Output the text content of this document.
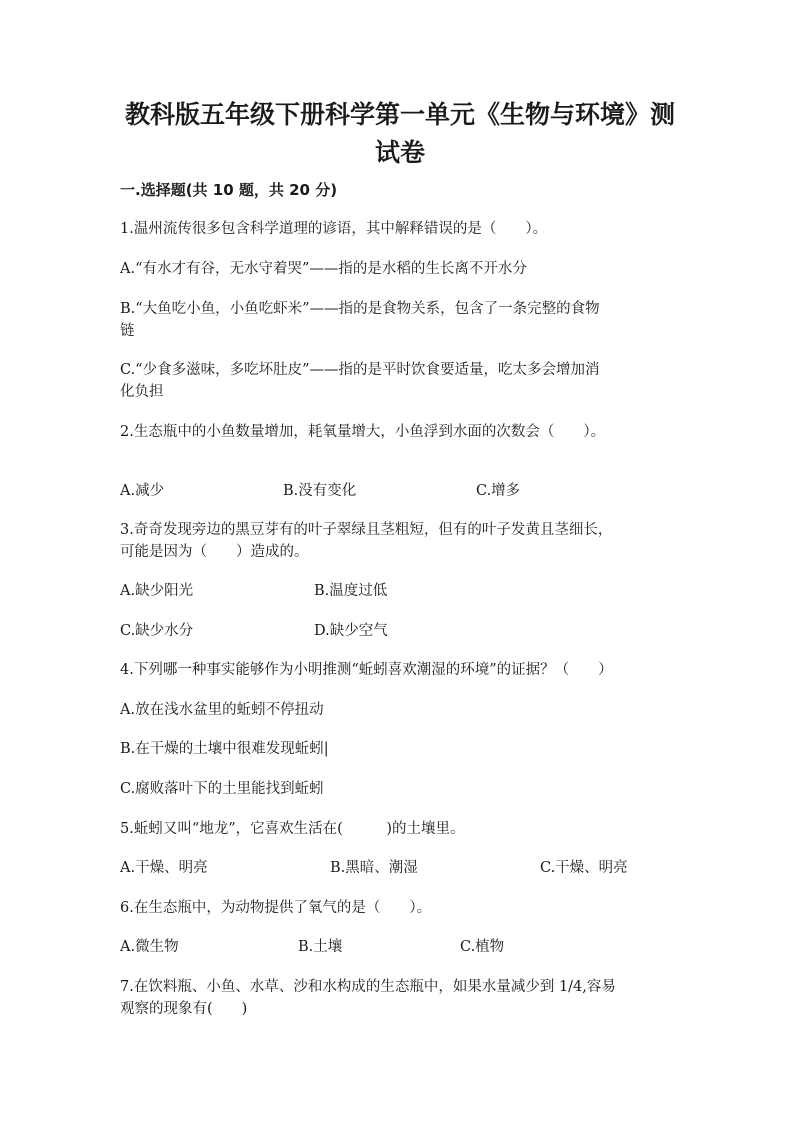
教科版五年级下册科学第一单元《生物与环境》测
试卷
一.选择题(共 10 题，共 20 分)
1.温州流传很多包含科学道理的谚语，其中解释错误的是（　　）。
A.“有水才有谷，无水守着哭”——指的是水稻的生长离不开水分
B.“大鱼吃小鱼，小鱼吃虾米”——指的是食物关系，包含了一条完整的食物
链
C.“少食多滋味，多吃坏肚皮”——指的是平时饮食要适量，吃太多会增加消
化负担
2.生态瓶中的小鱼数量增加，耗氧量增大，小鱼浮到水面的次数会（　　）。
A.减少	B.没有变化	C.增多
3.奇奇发现旁边的黑豆芽有的叶子翠绿且茎粗短，但有的叶子发黄且茎细长，
可能是因为（　　）造成的。
A.缺少阳光	B.温度过低
C.缺少水分	D.缺少空气
4.下列哪一种事实能够作为小明推测“蚯蚓喜欢潮湿的环境”的证据？（　　）
A.放在浅水盆里的蚯蚓不停扭动
B.在干燥的土壤中很难发现蚯蚓|
C.腐败落叶下的土里能找到蚯蚓
5.蚯蚓又叫“地龙”，它喜欢生活在(　　　)的土壤里。
A.干燥、明亮	B.黑暗、潮湿	C.干燥、明亮
6.在生态瓶中，为动物提供了氧气的是（　　）。
A.微生物	B.土壤	C.植物
7.在饮料瓶、小鱼、水草、沙和水构成的生态瓶中，如果水量减少到 1/4,容易
观察的现象有(　　)
